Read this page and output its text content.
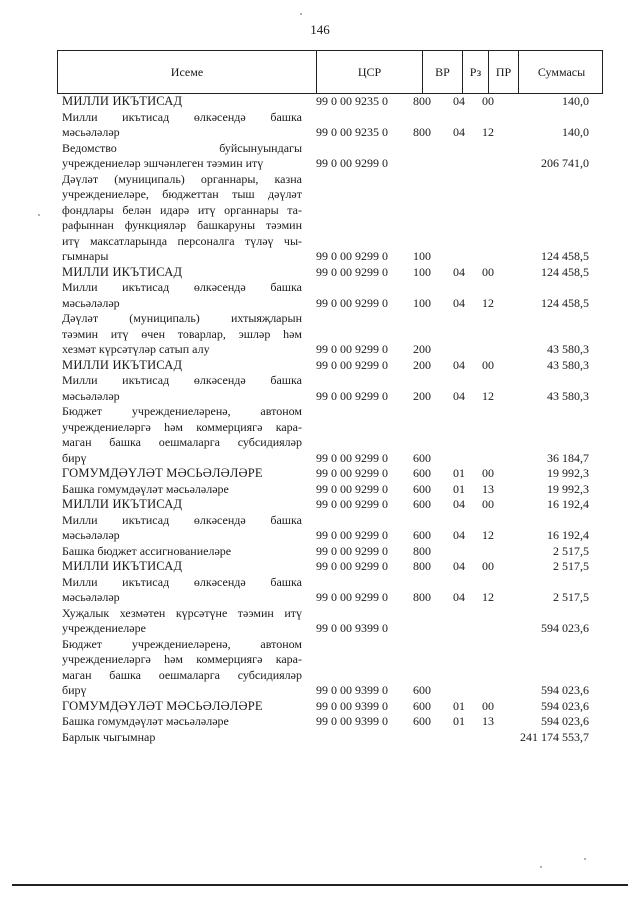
146
Исеме	ЦСР	ВР	Рз	ПР	Суммасы
МИЛЛИ ИКЪТИСАД	99 0 00 9235 0	800	04	00	140,0
Милли икътисад өлкәсендә башка
мәсьәләләр	99 0 00 9235 0	800	04	12	140,0
Ведомство буйсынуындагы
учреждениеләр эшчәнлеген тәэмин итү	99 0 00 9299 0	206 741,0
Дәүләт (муниципаль) органнары, казна
учреждениеләре, бюджеттан тыш дәүләт
фондлары белән идарә итү органнары та-
рафыннан функцияләр башкаруны тәэмин
итү максатларында персоналга түләү чы-
гымнары	99 0 00 9299 0	100	124 458,5
МИЛЛИ ИКЪТИСАД	99 0 00 9299 0	100	04	00	124 458,5
Милли икътисад өлкәсендә башка
мәсьәләләр	99 0 00 9299 0	100	04	12	124 458,5
Дәүләт (муниципаль) ихтыяҗларын
тәэмин итү өчен товарлар, эшләр һәм
хезмәт күрсәтүләр сатып алу	99 0 00 9299 0	200	43 580,3
МИЛЛИ ИКЪТИСАД	99 0 00 9299 0	200	04	00	43 580,3
Милли икътисад өлкәсендә башка
мәсьәләләр	99 0 00 9299 0	200	04	12	43 580,3
Бюджет учреждениеләренә, автоном
учреждениеләргә һәм коммерциягә кара-
маган башка оешмаларга субсидияләр
бирү	99 0 00 9299 0	600	36 184,7
ГОМУМДӘҮЛӘТ МӘСЬӘЛӘЛӘРЕ	99 0 00 9299 0	600	01	00	19 992,3
Башка гомумдәүләт мәсьәләләре	99 0 00 9299 0	600	01	13	19 992,3
МИЛЛИ ИКЪТИСАД	99 0 00 9299 0	600	04	00	16 192,4
Милли икътисад өлкәсендә башка
мәсьәләләр	99 0 00 9299 0	600	04	12	16 192,4
Башка бюджет ассигнованиеләре	99 0 00 9299 0	800	2 517,5
МИЛЛИ ИКЪТИСАД	99 0 00 9299 0	800	04	00	2 517,5
Милли икътисад өлкәсендә башка
мәсьәләләр	99 0 00 9299 0	800	04	12	2 517,5
Хуҗалык хезмәтен күрсәтүне тәэмин итү
учреждениеләре	99 0 00 9399 0	594 023,6
Бюджет учреждениеләренә, автоном
учреждениеләргә һәм коммерциягә кара-
маган башка оешмаларга субсидияләр
бирү	99 0 00 9399 0	600	594 023,6
ГОМУМДӘҮЛӘТ МӘСЬӘЛӘЛӘРЕ	99 0 00 9399 0	600	01	00	594 023,6
Башка гомумдәүләт мәсьәләләре	99 0 00 9399 0	600	01	13	594 023,6
Барлык чыгымнар	241 174 553,7
